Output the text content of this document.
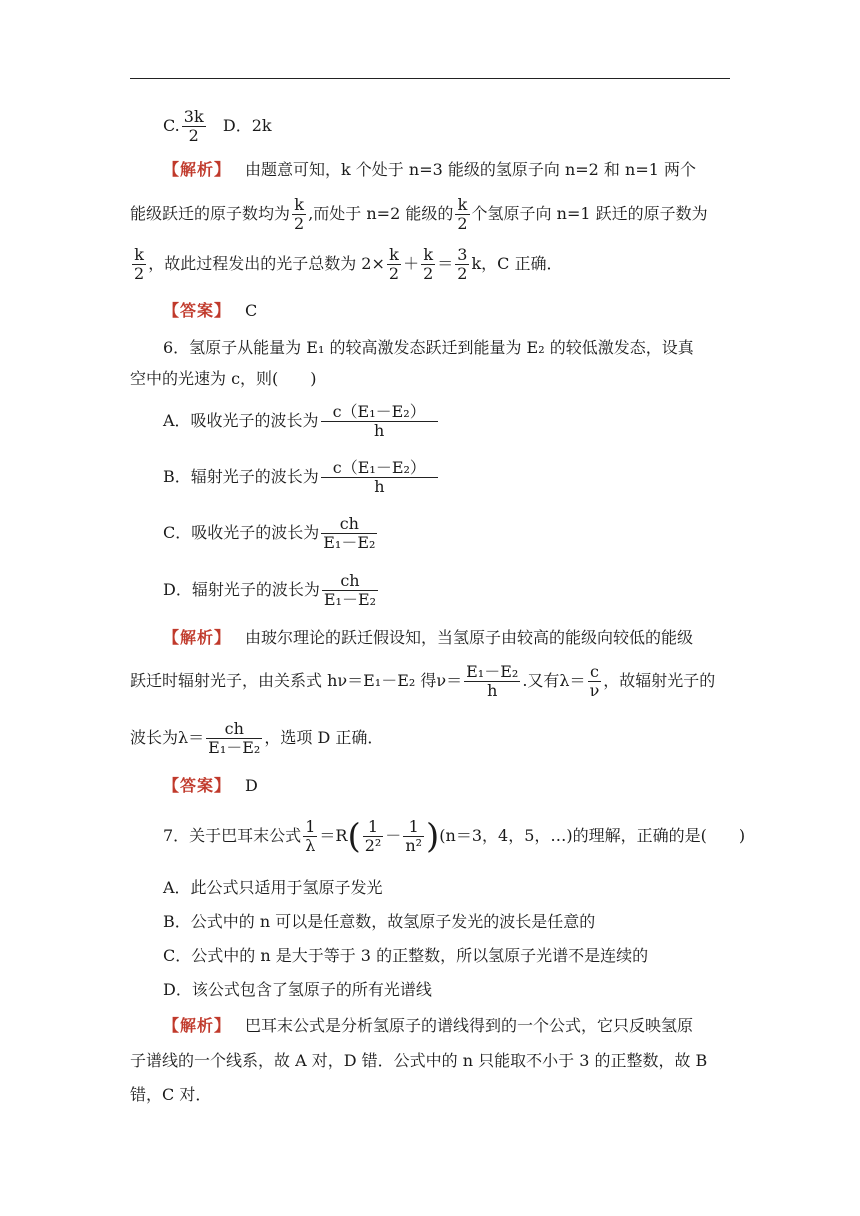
C. $\frac{3k}{2}$ D．2k
【解析】 由题意可知，k 个处于 n=3 能级的氢原子向 n=2 和 n=1 两个
能级跃迁的原子数均为 $\frac{k}{2}$ ,而处于 n=2 能级的 $\frac{k}{2}$ 个氢原子向 n=1 跃迁的原子数为
$\frac{k}{2}$ ，故此过程发出的光子总数为 $2\times \frac{k}{2} + \frac{k}{2} = \frac{3}{2}$ k，C 正确．
【答案】 C
6．氢原子从能量为 E₁ 的较高激发态跃迁到能量为 E₂ 的较低激发态，设真
空中的光速为 c，则(　　)
A．吸收光子的波长为 $\frac{\text{c（E₁－E₂）}}{h}$
B．辐射光子的波长为 $\frac{\text{c（E₁－E₂）}}{h}$
C．吸收光子的波长为 $\frac{ch}{\text{E₁－E₂}}$
D．辐射光子的波长为 $\frac{ch}{\text{E₁－E₂}}$
【解析】 由玻尔理论的跃迁假设知，当氢原子由较高的能级向较低的能级
跃迁时辐射光子，由关系式 hν＝E₁－E₂ 得$\nu= \frac{\text{E₁－E₂}}{h}$ .又有$\lambda= \frac{c}{\nu}$ ，故辐射光子的
波长为$\lambda= \frac{ch}{\text{E₁－E₂}}$ ，选项 D 正确．
【答案】 D
7．关于巴耳末公式 $\frac{1}{\lambda} =R( \frac{1}{\text{2²}} - \frac{1}{\text{n²}} )(n=3$，4，5，…)的理解，正确的是(　　)
A．此公式只适用于氢原子发光
B．公式中的 n 可以是任意数，故氢原子发光的波长是任意的
C．公式中的 n 是大于等于 3 的正整数，所以氢原子光谱不是连续的
D．该公式包含了氢原子的所有光谱线
【解析】 巴耳末公式是分析氢原子的谱线得到的一个公式，它只反映氢原
子谱线的一个线系，故 A 对，D 错．公式中的 n 只能取不小于 3 的正整数，故 B
错，C 对．
